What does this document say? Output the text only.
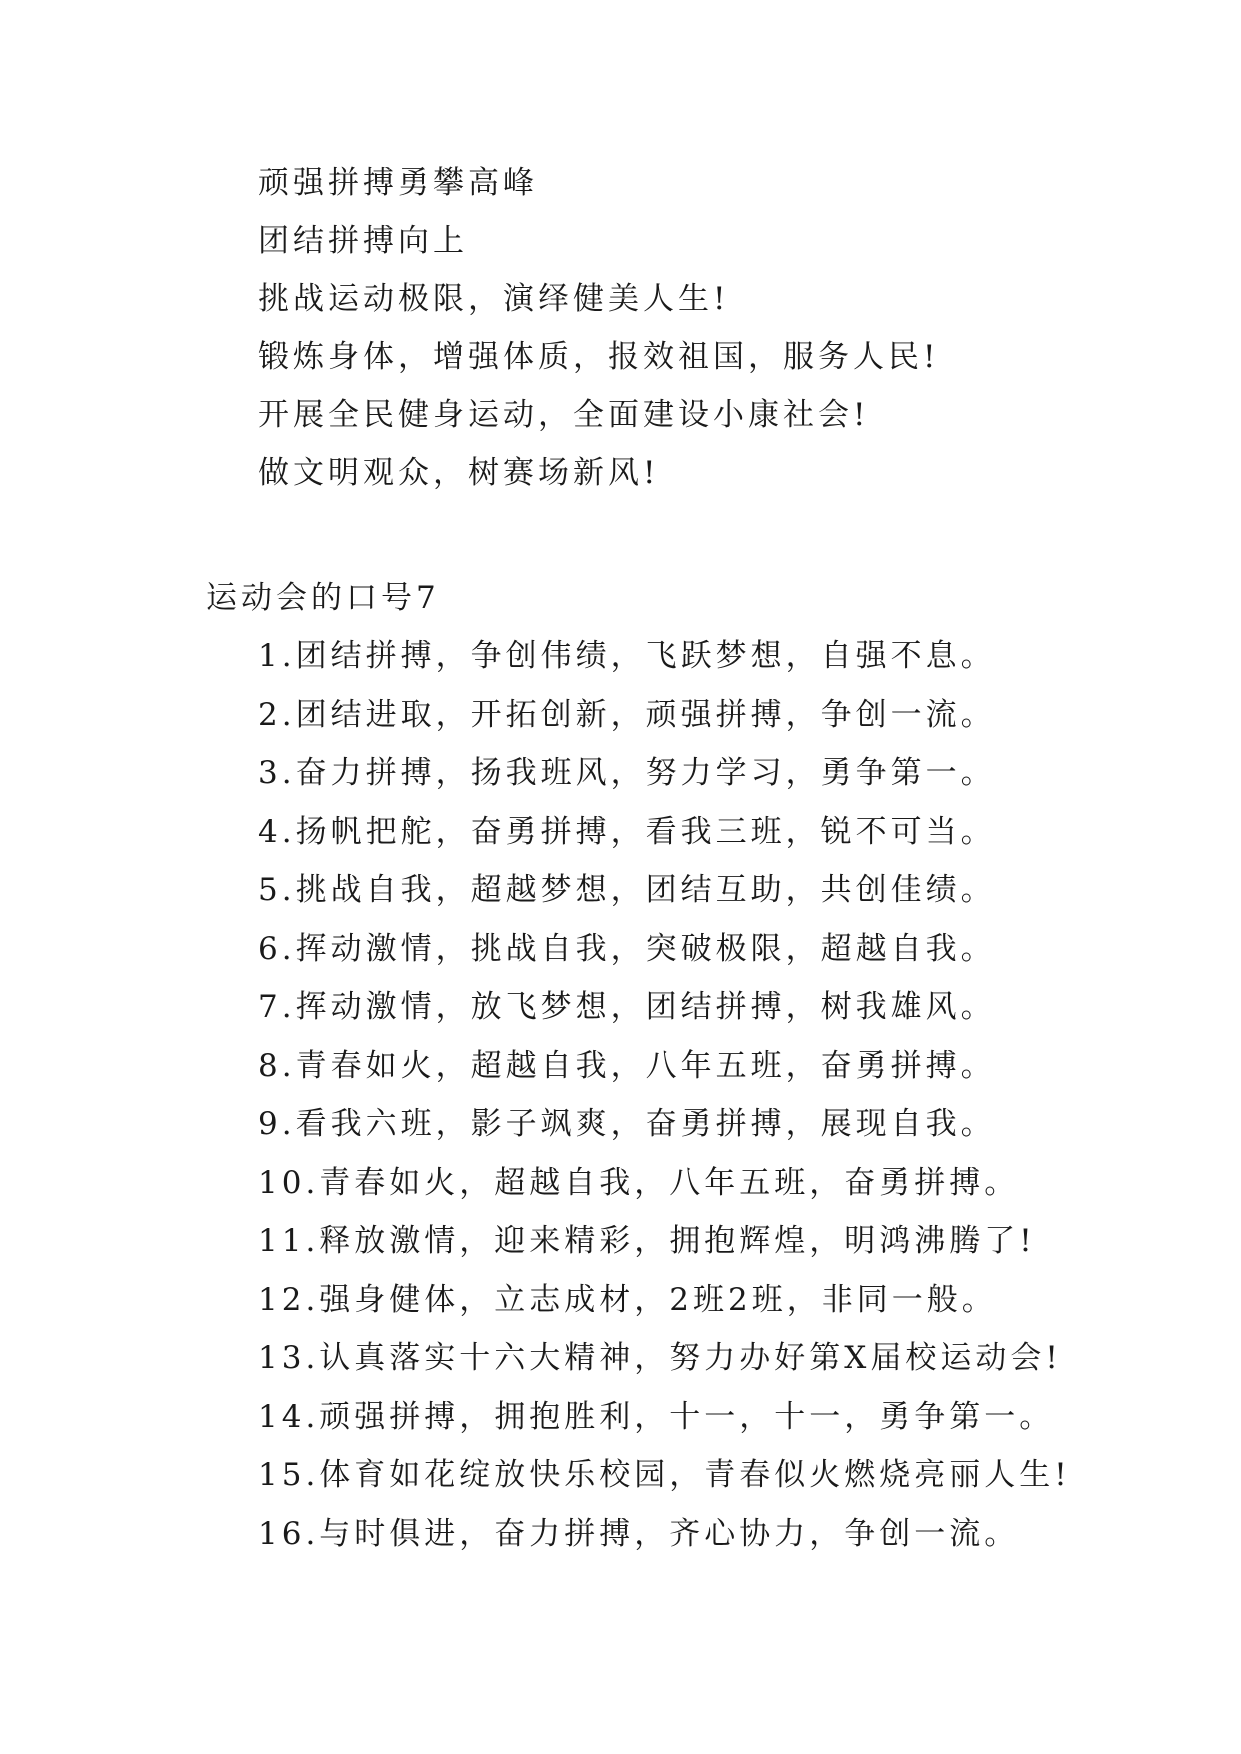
顽强拼搏勇攀高峰
团结拼搏向上
挑战运动极限，演绎健美人生!
锻炼身体，增强体质，报效祖国，服务人民!
开展全民健身运动，全面建设小康社会!
做文明观众，树赛场新风!
运动会的口号7
1.团结拼搏，争创伟绩，飞跃梦想，自强不息。
2.团结进取，开拓创新，顽强拼搏，争创一流。
3.奋力拼搏，扬我班风，努力学习，勇争第一。
4.扬帆把舵，奋勇拼搏，看我三班，锐不可当。
5.挑战自我，超越梦想，团结互助，共创佳绩。
6.挥动激情，挑战自我，突破极限，超越自我。
7.挥动激情，放飞梦想，团结拼搏，树我雄风。
8.青春如火，超越自我，八年五班，奋勇拼搏。
9.看我六班，影子飒爽，奋勇拼搏，展现自我。
10.青春如火，超越自我，八年五班，奋勇拼搏。
11.释放激情，迎来精彩，拥抱辉煌，明鸿沸腾了!
12.强身健体，立志成材，2班2班，非同一般。
13.认真落实十六大精神，努力办好第X届校运动会!
14.顽强拼搏，拥抱胜利，十一，十一，勇争第一。
15.体育如花绽放快乐校园，青春似火燃烧亮丽人生!
16.与时俱进，奋力拼搏，齐心协力，争创一流。
